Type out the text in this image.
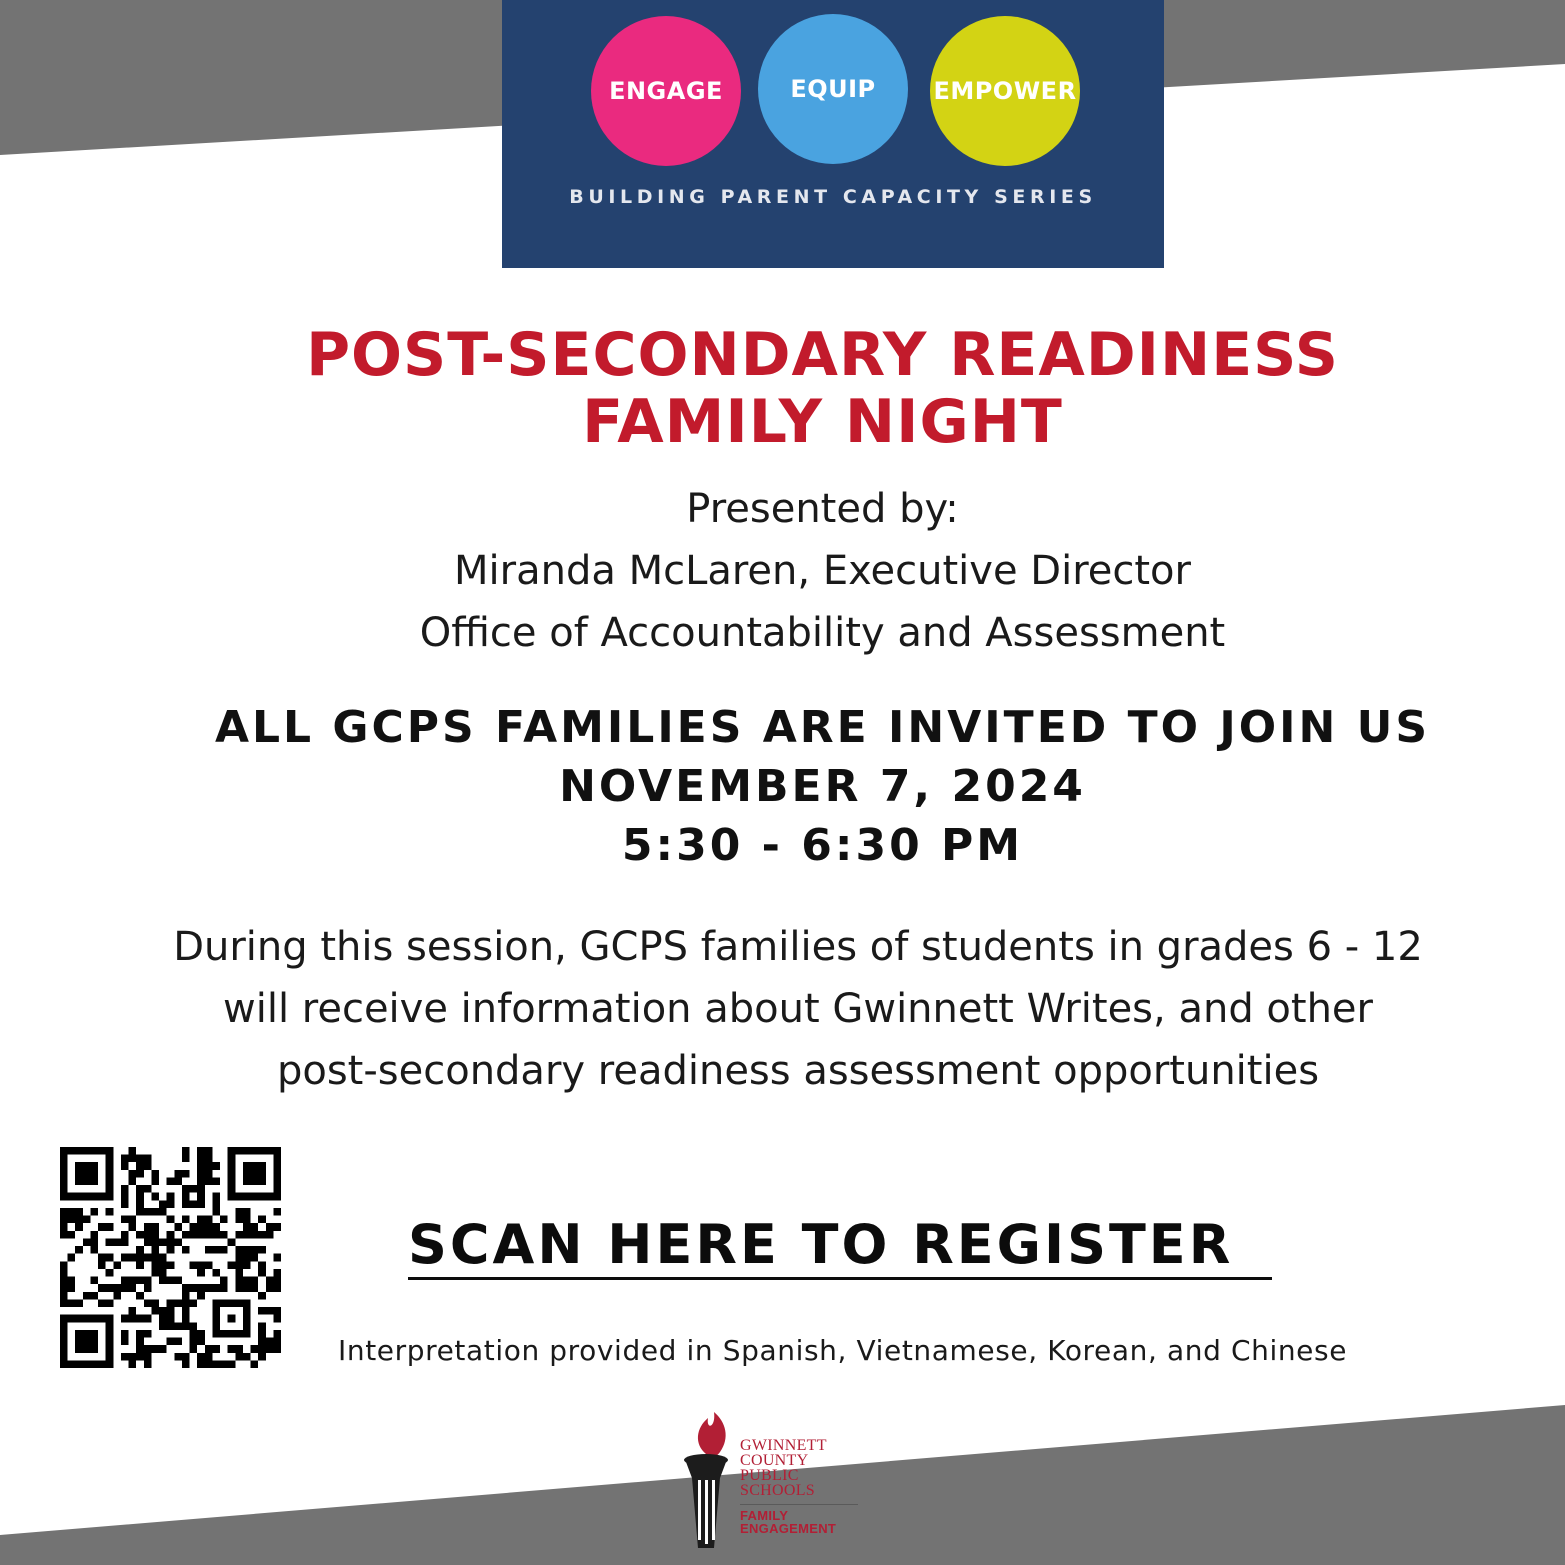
ENGAGE	EQUIP	EMPOWER
BUILDING PARENT CAPACITY SERIES
POST-SECONDARY READINESS
FAMILY NIGHT
Presented by:
Miranda McLaren, Executive Director
Office of Accountability and Assessment
ALL GCPS FAMILIES ARE INVITED TO JOIN US
NOVEMBER 7, 2024
5:30 - 6:30 PM
During this session, GCPS families of students in grades 6 - 12
will receive information about Gwinnett Writes, and other
post-secondary readiness assessment opportunities
SCAN HERE TO REGISTER
Interpretation provided in Spanish, Vietnamese, Korean, and Chinese
GWINNETT
COUNTY
PUBLIC
SCHOOLS
FAMILY
ENGAGEMENT
